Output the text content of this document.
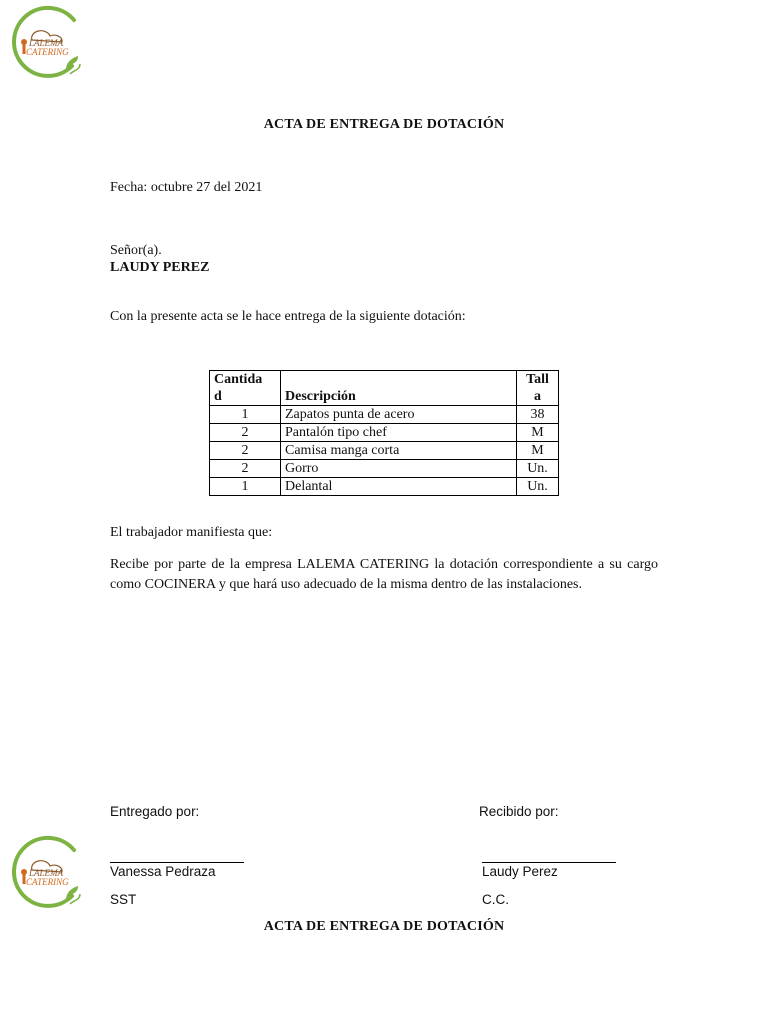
LALEMA
CATERING
ACTA DE ENTREGA DE DOTACIÓN
Fecha: octubre 27 del 2021
Señor(a).
LAUDY PEREZ
Con la presente acta se le hace entrega de la siguiente dotación:
Cantida
d	Descripción	Tall
a
1	Zapatos punta de acero	38
2	Pantalón tipo chef	M
2	Camisa manga corta	M
2	Gorro	Un.
1	Delantal	Un.
El trabajador manifiesta que:
Recibe por parte de la empresa LALEMA CATERING la dotación correspondiente a su cargo como COCINERA y que hará uso adecuado de la misma dentro de las instalaciones.
Entregado por:	Recibido por:
LALEMA
CATERING
Vanessa Pedraza	Laudy Perez
SST	C.C.
ACTA DE ENTREGA DE DOTACIÓN
